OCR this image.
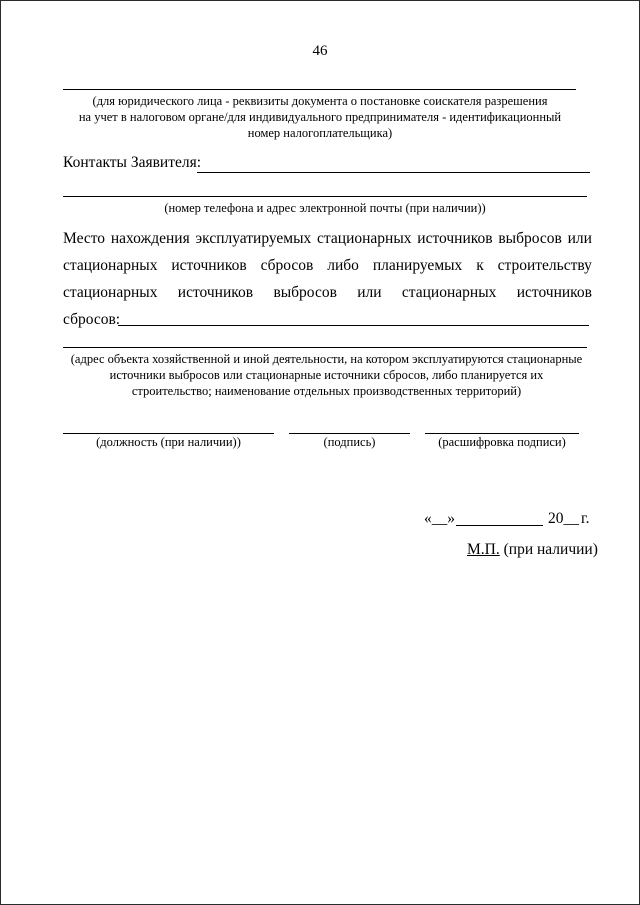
46
(для юридического лица - реквизиты документа о постановке соискателя разрешения
на учет в налоговом органе/для индивидуального предпринимателя - идентификационный
номер налогоплательщика)
Контакты Заявителя:
(номер телефона и адрес электронной почты (при наличии))
Место нахождения эксплуатируемых стационарных источников выбросов или
стационарных источников сбросов либо планируемых к строительству
стационарных источников выбросов или стационарных источников
сбросов:
(адрес объекта хозяйственной и иной деятельности, на котором эксплуатируются стационарные
источники выбросов или стационарные источники сбросов, либо планируется их
строительство; наименование отдельных производственных территорий)
(должность (при наличии))	(подпись)	(расшифровка подписи)
«__»	20__ г.
М.П. (при наличии)
